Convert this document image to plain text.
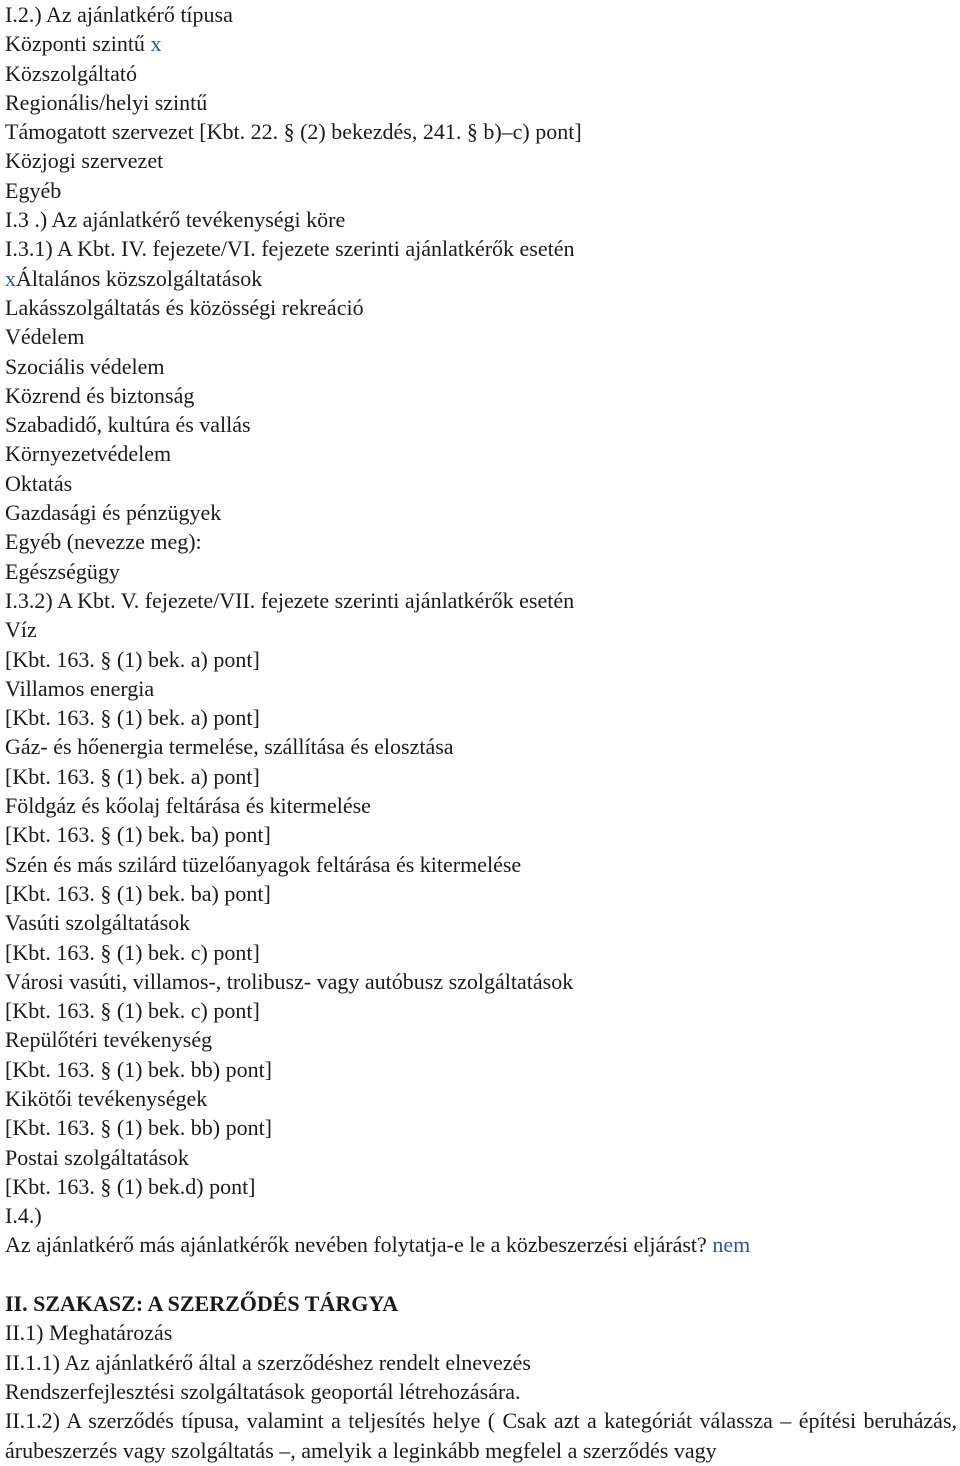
I.2.) Az ajánlatkérő típusa
Központi szintű x
Közszolgáltató
Regionális/helyi szintű
Támogatott szervezet [Kbt. 22. § (2) bekezdés, 241. § b)–c) pont]
Közjogi szervezet
Egyéb
I.3 .) Az ajánlatkérő tevékenységi köre
I.3.1) A Kbt. IV. fejezete/VI. fejezete szerinti ajánlatkérők esetén
xÁltalános közszolgáltatások
Lakásszolgáltatás és közösségi rekreáció
Védelem
Szociális védelem
Közrend és biztonság
Szabadidő, kultúra és vallás
Környezetvédelem
Oktatás
Gazdasági és pénzügyek
Egyéb (nevezze meg):
Egészségügy
I.3.2) A Kbt. V. fejezete/VII. fejezete szerinti ajánlatkérők esetén
Víz
[Kbt. 163. § (1) bek. a) pont]
Villamos energia
[Kbt. 163. § (1) bek. a) pont]
Gáz- és hőenergia termelése, szállítása és elosztása
[Kbt. 163. § (1) bek. a) pont]
Földgáz és kőolaj feltárása és kitermelése
[Kbt. 163. § (1) bek. ba) pont]
Szén és más szilárd tüzelőanyagok feltárása és kitermelése
[Kbt. 163. § (1) bek. ba) pont]
Vasúti szolgáltatások
[Kbt. 163. § (1) bek. c) pont]
Városi vasúti, villamos-, trolibusz- vagy autóbusz szolgáltatások
[Kbt. 163. § (1) bek. c) pont]
Repülőtéri tevékenység
[Kbt. 163. § (1) bek. bb) pont]
Kikötői tevékenységek
[Kbt. 163. § (1) bek. bb) pont]
Postai szolgáltatások
[Kbt. 163. § (1) bek.d) pont]
I.4.)
Az ajánlatkérő más ajánlatkérők nevében folytatja-e le a közbeszerzési eljárást? nem
II. SZAKASZ: A SZERZŐDÉS TÁRGYA
II.1) Meghatározás
II.1.1) Az ajánlatkérő által a szerződéshez rendelt elnevezés
Rendszerfejlesztési szolgáltatások geoportál létrehozására.
II.1.2) A szerződés típusa, valamint a teljesítés helye ( Csak azt a kategóriát válassza – építési beruházás, árubeszerzés vagy szolgáltatás –, amelyik a leginkább megfelel a szerződés vagy
